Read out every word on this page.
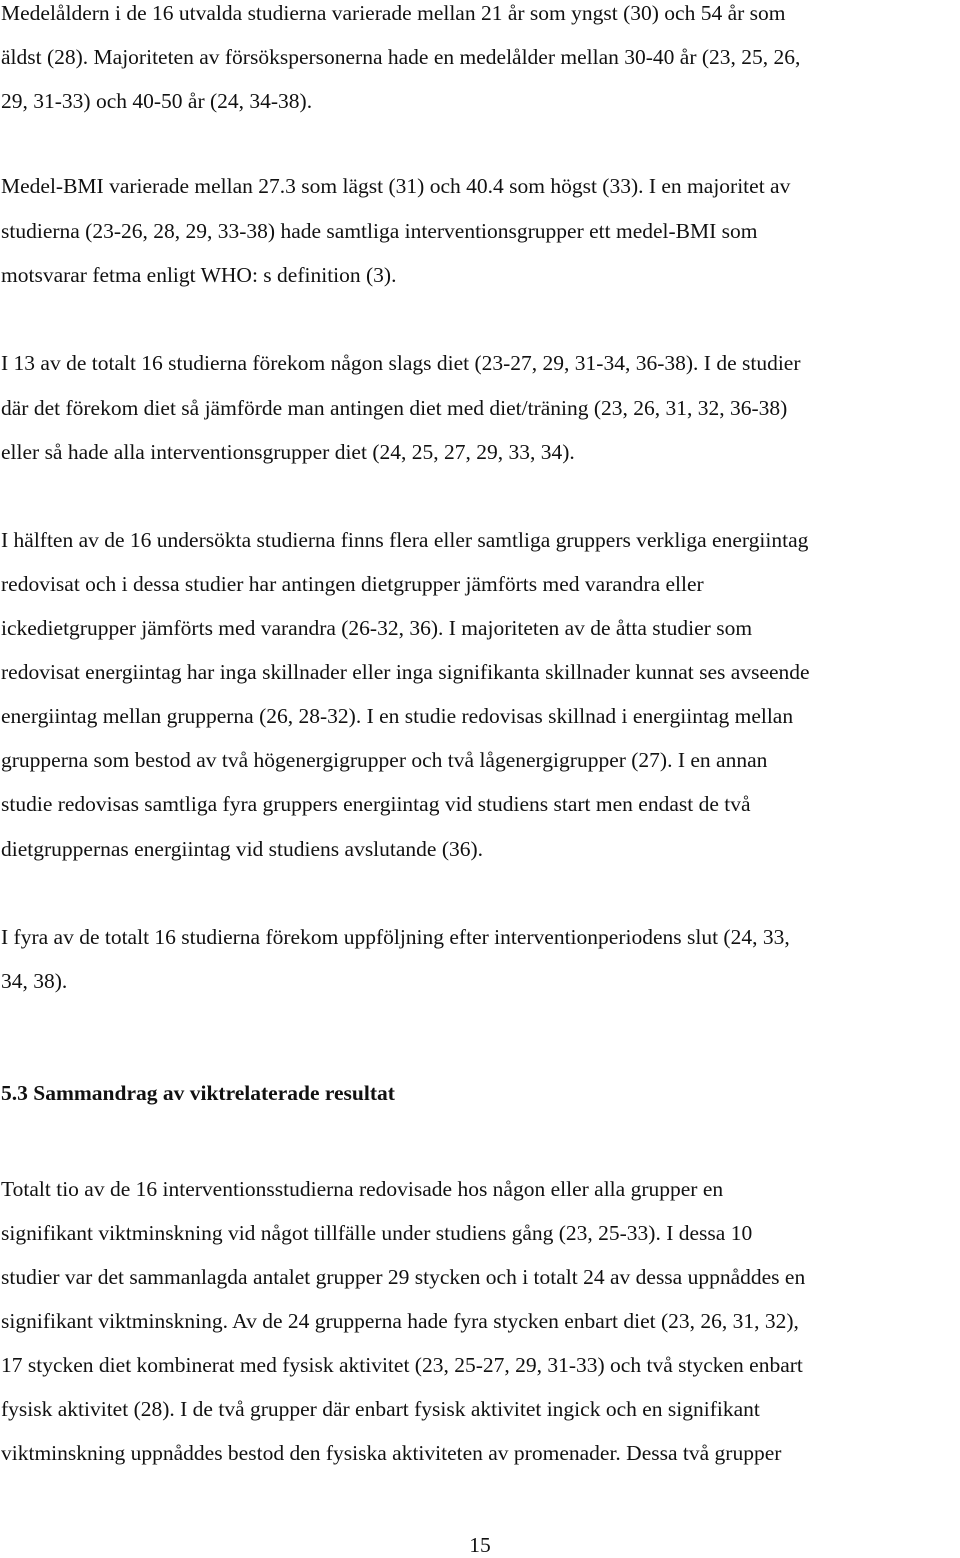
Medelåldern i de 16 utvalda studierna varierade mellan 21 år som yngst (30) och 54 år som

äldst (28). Majoriteten av försökspersonerna hade en medelålder mellan 30-40 år (23, 25, 26,

29, 31-33) och 40-50 år (24, 34-38).

Medel-BMI varierade mellan 27.3 som lägst (31) och 40.4 som högst (33). I en majoritet av

studierna (23-26, 28, 29, 33-38) hade samtliga interventionsgrupper ett medel-BMI som

motsvarar fetma enligt WHO: s definition (3).

I 13 av de totalt 16 studierna förekom någon slags diet (23-27, 29, 31-34, 36-38). I de studier

där det förekom diet så jämförde man antingen diet med diet/träning (23, 26, 31, 32, 36-38)

eller så hade alla interventionsgrupper diet (24, 25, 27, 29, 33, 34).

I hälften av de 16 undersökta studierna finns flera eller samtliga gruppers verkliga energiintag

redovisat och i dessa studier har antingen dietgrupper jämförts med varandra eller

ickedietgrupper jämförts med varandra (26-32, 36). I majoriteten av de åtta studier som

redovisat energiintag har inga skillnader eller inga signifikanta skillnader kunnat ses avseende

energiintag mellan grupperna (26, 28-32). I en studie redovisas skillnad i energiintag mellan

grupperna som bestod av två högenergigrupper och två lågenergigrupper (27). I en annan

studie redovisas samtliga fyra gruppers energiintag vid studiens start men endast de två

dietgruppernas energiintag vid studiens avslutande (36).

I fyra av de totalt 16 studierna förekom uppföljning efter interventionperiodens slut (24, 33,

34, 38).

5.3 Sammandrag av viktrelaterade resultat

Totalt tio av de 16 interventionsstudierna redovisade hos någon eller alla grupper en

signifikant viktminskning vid något tillfälle under studiens gång (23, 25-33). I dessa 10

studier var det sammanlagda antalet grupper 29 stycken och i totalt 24 av dessa uppnåddes en

signifikant viktminskning. Av de 24 grupperna hade fyra stycken enbart diet (23, 26, 31, 32),

17 stycken diet kombinerat med fysisk aktivitet (23, 25-27, 29, 31-33) och två stycken enbart

fysisk aktivitet (28). I de två grupper där enbart fysisk aktivitet ingick och en signifikant

viktminskning uppnåddes bestod den fysiska aktiviteten av promenader. Dessa två grupper

15
